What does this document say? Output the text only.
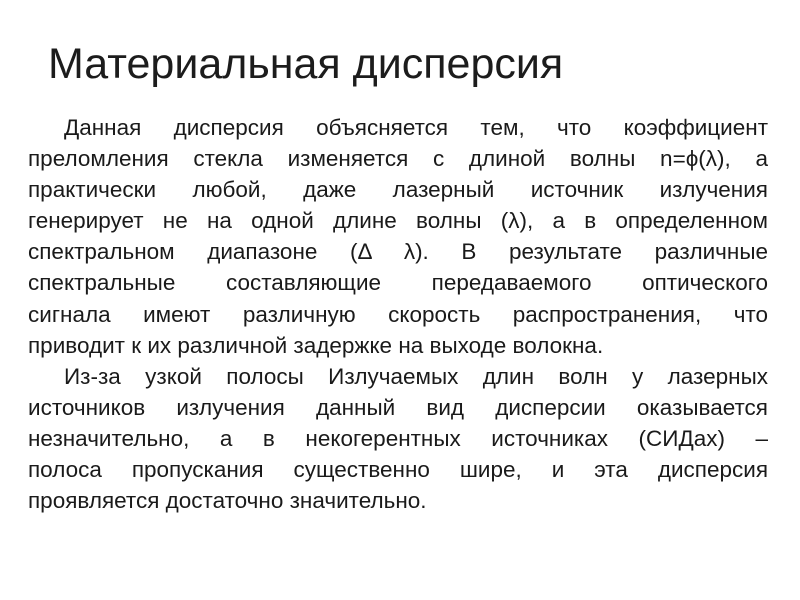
Материальная дисперсия

Данная дисперсия объясняется тем, что коэффициент
преломления стекла изменяется с длиной волны n=ϕ(λ), а
практически любой, даже лазерный источник излучения
генерирует не на одной длине волны (λ), а в определенном
спектральном диапазоне (Δ λ). В результате различные
спектральные составляющие передаваемого оптического
сигнала имеют различную скорость распространения, что
приводит к их различной задержке на выходе волокна.

Из-за узкой полосы Излучаемых длин волн у лазерных
источников излучения данный вид дисперсии оказывается
незначительно, а в некогерентных источниках (СИДах) –
полоса пропускания существенно шире, и эта дисперсия
проявляется достаточно значительно.
